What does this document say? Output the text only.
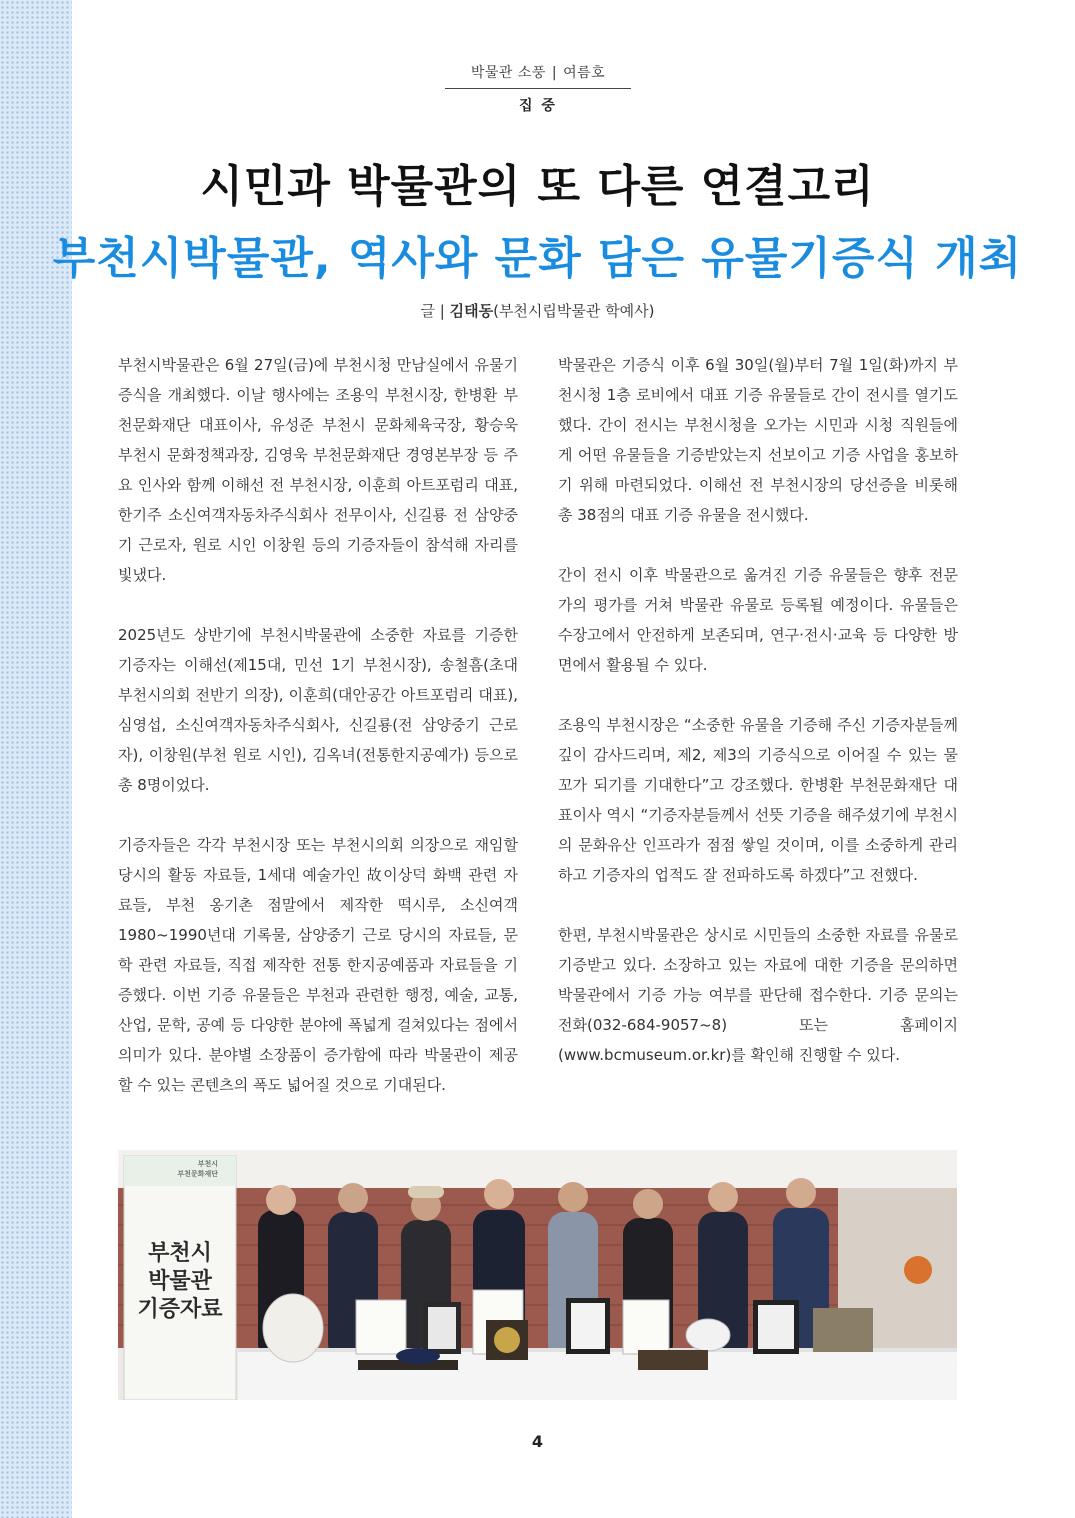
박물관 소풍 | 여름호
집 중
시민과 박물관의 또 다른 연결고리
부천시박물관, 역사와 문화 담은 유물기증식 개최
글 | 김태동(부천시립박물관 학예사)

부천시박물관은 6월 27일(금)에 부천시청 만남실에서 유물기증식을 개최했다. 이날 행사에는 조용익 부천시장, 한병환 부천문화재단 대표이사, 유성준 부천시 문화체육국장, 황승욱 부천시 문화정책과장, 김영욱 부천문화재단 경영본부장 등 주요 인사와 함께 이해선 전 부천시장, 이훈희 아트포럼리 대표, 한기주 소신여객자동차주식회사 전무이사, 신길룡 전 삼양중기 근로자, 원로 시인 이창원 등의 기증자들이 참석해 자리를 빛냈다.

2025년도 상반기에 부천시박물관에 소중한 자료를 기증한 기증자는 이해선(제15대, 민선 1기 부천시장), 송철흠(초대 부천시의회 전반기 의장), 이훈희(대안공간 아트포럼리 대표), 심영섭, 소신여객자동차주식회사, 신길룡(전 삼양중기 근로자), 이창원(부천 원로 시인), 김옥녀(전통한지공예가) 등으로 총 8명이었다.

기증자들은 각각 부천시장 또는 부천시의회 의장으로 재임할 당시의 활동 자료들, 1세대 예술가인 故이상덕 화백 관련 자료들, 부천 옹기촌 점말에서 제작한 떡시루, 소신여객 1980~1990년대 기록물, 삼양중기 근로 당시의 자료들, 문학 관련 자료들, 직접 제작한 전통 한지공예품과 자료들을 기증했다. 이번 기증 유물들은 부천과 관련한 행정, 예술, 교통, 산업, 문학, 공예 등 다양한 분야에 폭넓게 걸쳐있다는 점에서 의미가 있다. 분야별 소장품이 증가함에 따라 박물관이 제공할 수 있는 콘텐츠의 폭도 넓어질 것으로 기대된다.

박물관은 기증식 이후 6월 30일(월)부터 7월 1일(화)까지 부천시청 1층 로비에서 대표 기증 유물들로 간이 전시를 열기도 했다. 간이 전시는 부천시청을 오가는 시민과 시청 직원들에게 어떤 유물들을 기증받았는지 선보이고 기증 사업을 홍보하기 위해 마련되었다. 이해선 전 부천시장의 당선증을 비롯해 총 38점의 대표 기증 유물을 전시했다.

간이 전시 이후 박물관으로 옮겨진 기증 유물들은 향후 전문가의 평가를 거쳐 박물관 유물로 등록될 예정이다. 유물들은 수장고에서 안전하게 보존되며, 연구·전시·교육 등 다양한 방면에서 활용될 수 있다.

조용익 부천시장은 “소중한 유물을 기증해 주신 기증자분들께 깊이 감사드리며, 제2, 제3의 기증식으로 이어질 수 있는 물꼬가 되기를 기대한다”고 강조했다. 한병환 부천문화재단 대표이사 역시 “기증자분들께서 선뜻 기증을 해주셨기에 부천시의 문화유산 인프라가 점점 쌓일 것이며, 이를 소중하게 관리하고 기증자의 업적도 잘 전파하도록 하겠다”고 전했다.

한편, 부천시박물관은 상시로 시민들의 소중한 자료를 유물로 기증받고 있다. 소장하고 있는 자료에 대한 기증을 문의하면 박물관에서 기증 가능 여부를 판단해 접수한다. 기증 문의는 전화(032-684-9057~8) 또는 홈페이지(www.bcmuseum.or.kr)를 확인해 진행할 수 있다.

부천시
부천문화재단
부천시
박물관
기증자료
4
